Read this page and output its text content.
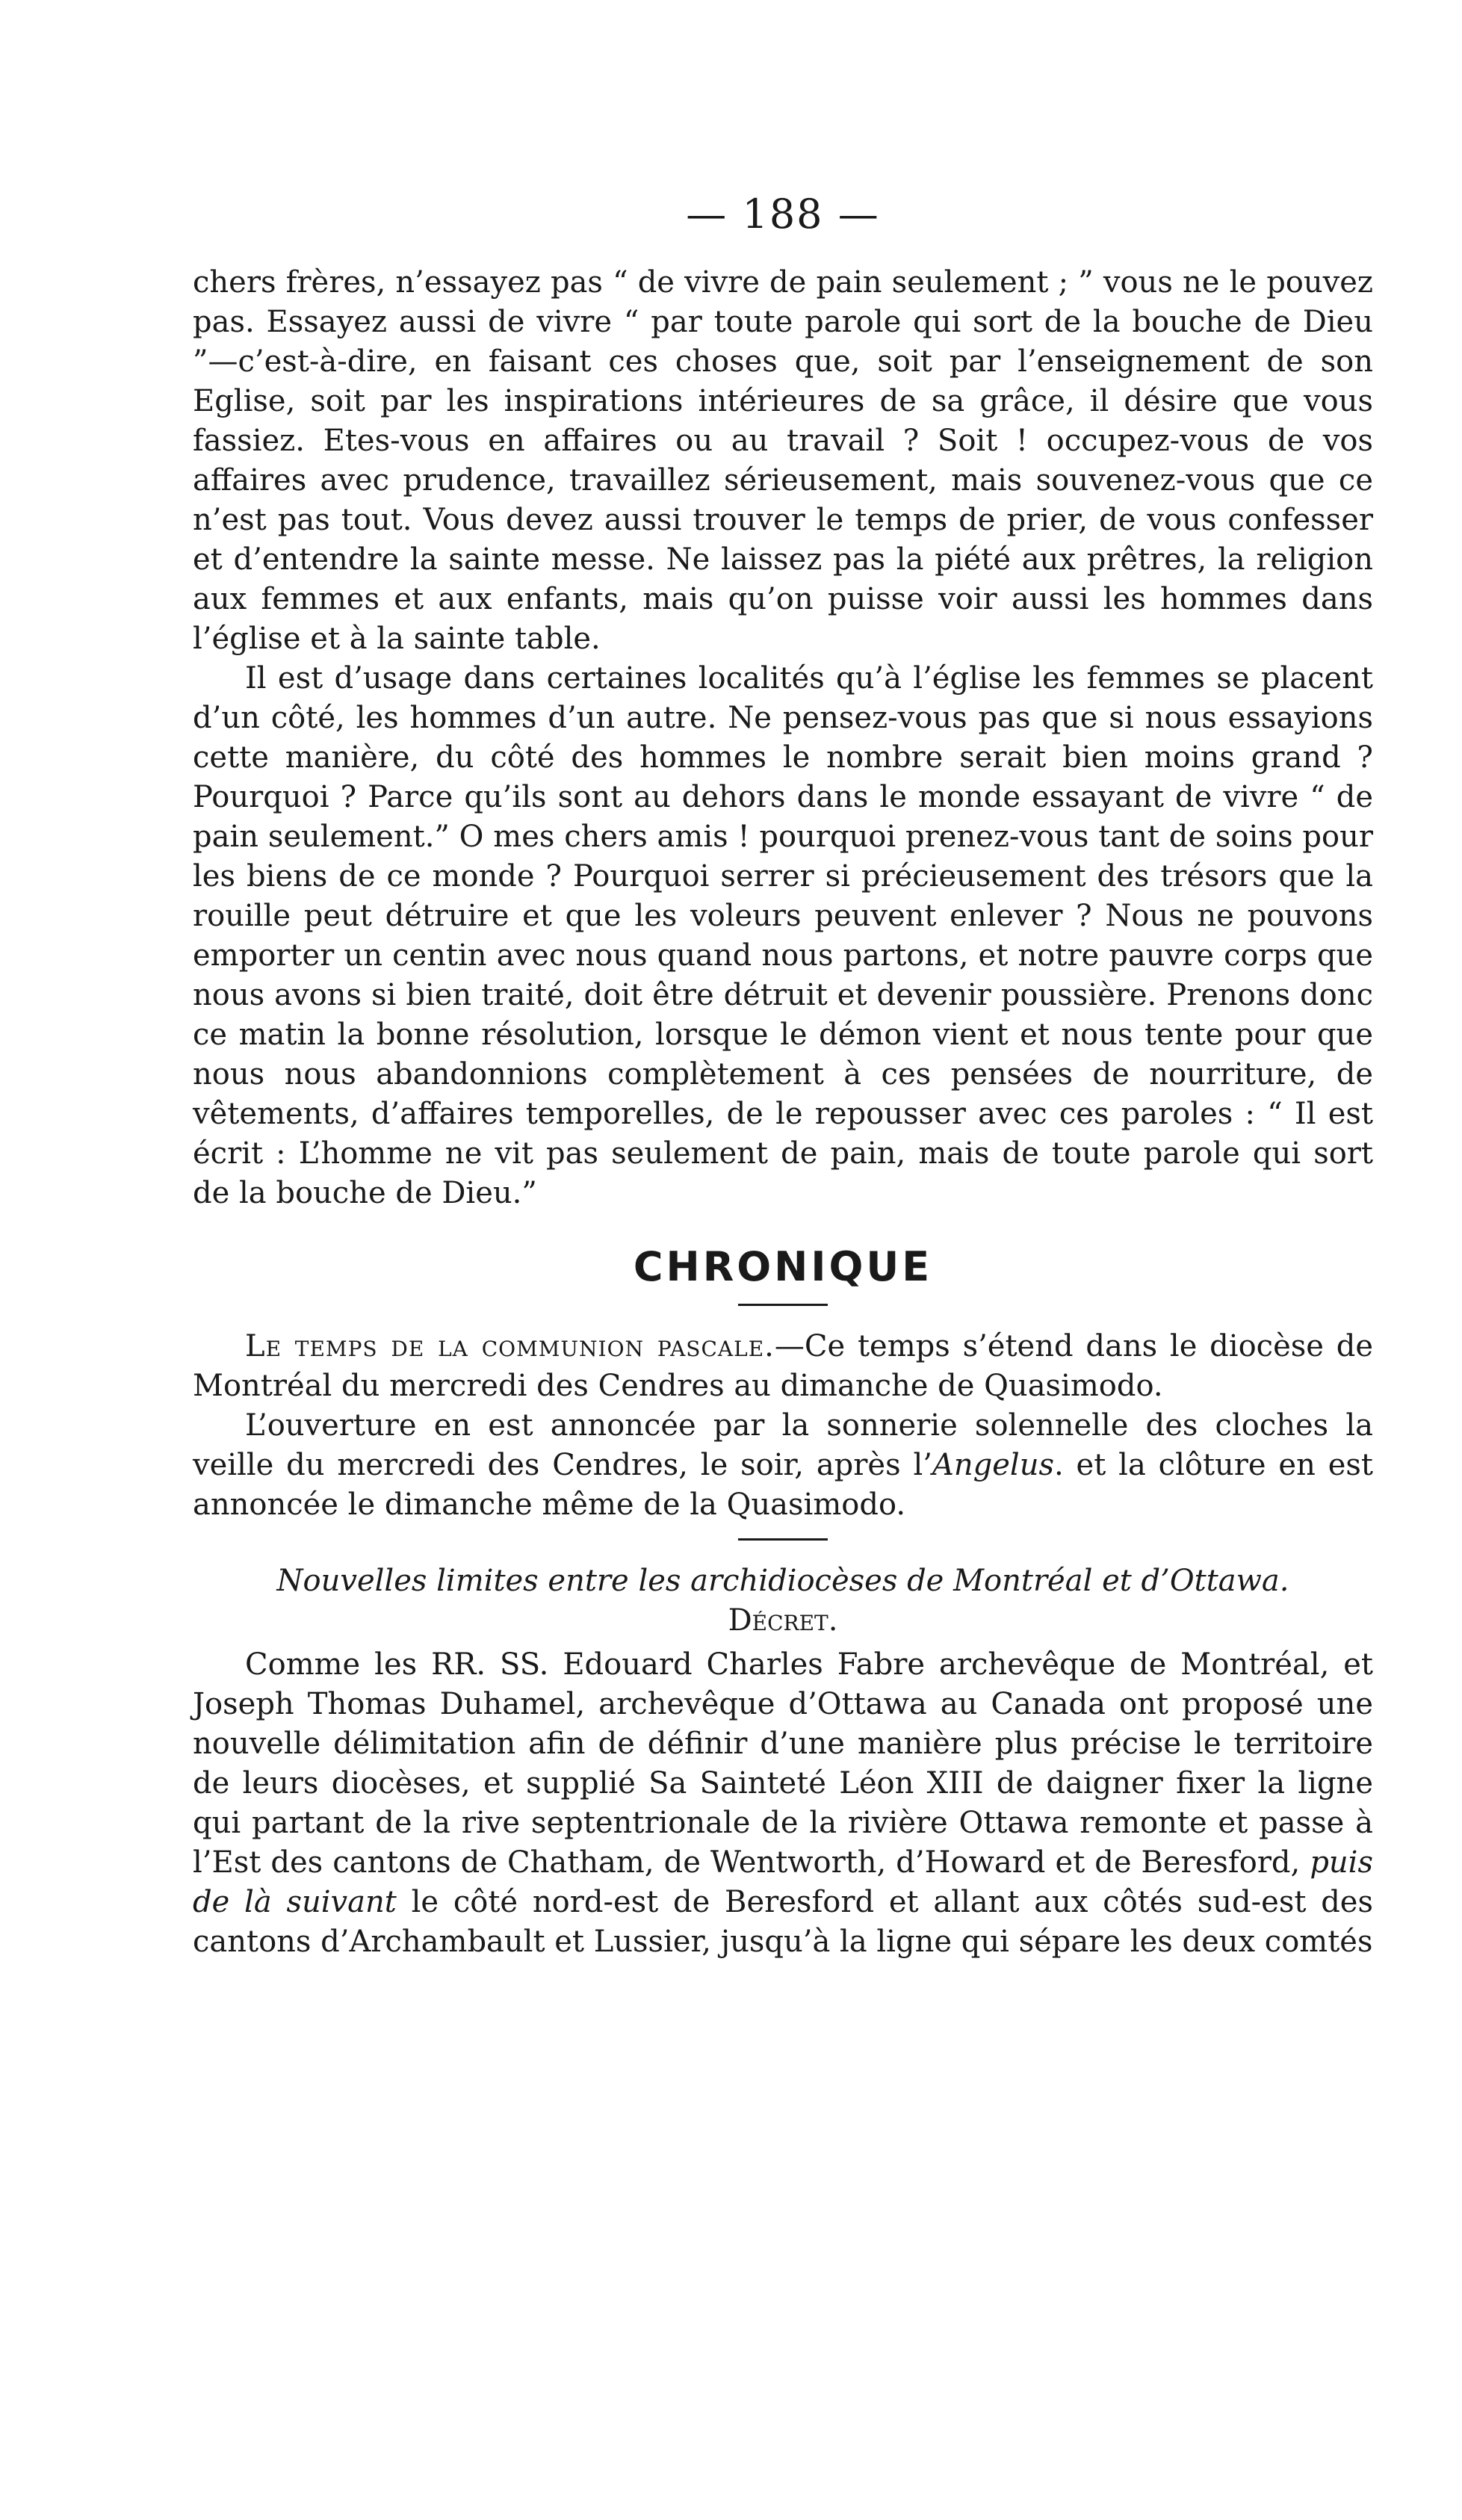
— 188 —

chers frères, n’essayez pas “ de vivre de pain seulement ; ” vous ne le pouvez pas. Essayez aussi de vivre “ par toute parole qui sort de la bouche de Dieu ”—c’est-à-dire, en faisant ces choses que, soit par l’enseignement de son Eglise, soit par les inspirations intérieures de sa grâce, il désire que vous fassiez. Etes-vous en affaires ou au travail ? Soit ! occupez-vous de vos affaires avec prudence, travaillez sérieusement, mais souvenez-vous que ce n’est pas tout. Vous devez aussi trouver le temps de prier, de vous confesser et d’entendre la sainte messe. Ne laissez pas la piété aux prêtres, la religion aux femmes et aux enfants, mais qu’on puisse voir aussi les hommes dans l’église et à la sainte table.

Il est d’usage dans certaines localités qu’à l’église les femmes se placent d’un côté, les hommes d’un autre. Ne pensez-vous pas que si nous essayions cette manière, du côté des hommes le nombre serait bien moins grand ? Pourquoi ? Parce qu’ils sont au dehors dans le monde essayant de vivre “ de pain seulement.” O mes chers amis ! pourquoi prenez-vous tant de soins pour les biens de ce monde ? Pourquoi serrer si précieusement des trésors que la rouille peut détruire et que les voleurs peuvent enlever ? Nous ne pouvons emporter un centin avec nous quand nous partons, et notre pauvre corps que nous avons si bien traité, doit être détruit et devenir poussière. Prenons donc ce matin la bonne résolution, lorsque le démon vient et nous tente pour que nous nous abandonnions complètement à ces pensées de nourriture, de vêtements, d’affaires temporelles, de le repousser avec ces paroles : “ Il est écrit : L’homme ne vit pas seulement de pain, mais de toute parole qui sort de la bouche de Dieu.”

CHRONIQUE

Le temps de la communion pascale.—Ce temps s’étend dans le diocèse de Montréal du mercredi des Cendres au dimanche de Quasimodo.

L’ouverture en est annoncée par la sonnerie solennelle des cloches la veille du mercredi des Cendres, le soir, après l’Angelus. et la clôture en est annoncée le dimanche même de la Quasimodo.

Nouvelles limites entre les archidiocèses de Montréal et d’Ottawa.

Décret.

Comme les RR. SS. Edouard Charles Fabre archevêque de Montréal, et Joseph Thomas Duhamel, archevêque d’Ottawa au Canada ont proposé une nouvelle délimitation afin de définir d’une manière plus précise le territoire de leurs diocèses, et supplié Sa Sainteté Léon XIII de daigner fixer la ligne qui partant de la rive septentrionale de la rivière Ottawa remonte et passe à l’Est des cantons de Chatham, de Wentworth, d’Howard et de Beresford, puis de là suivant le côté nord-est de Beresford et allant aux côtés sud-est des cantons d’Archambault et Lussier, jusqu’à la ligne qui sépare les deux comtés
